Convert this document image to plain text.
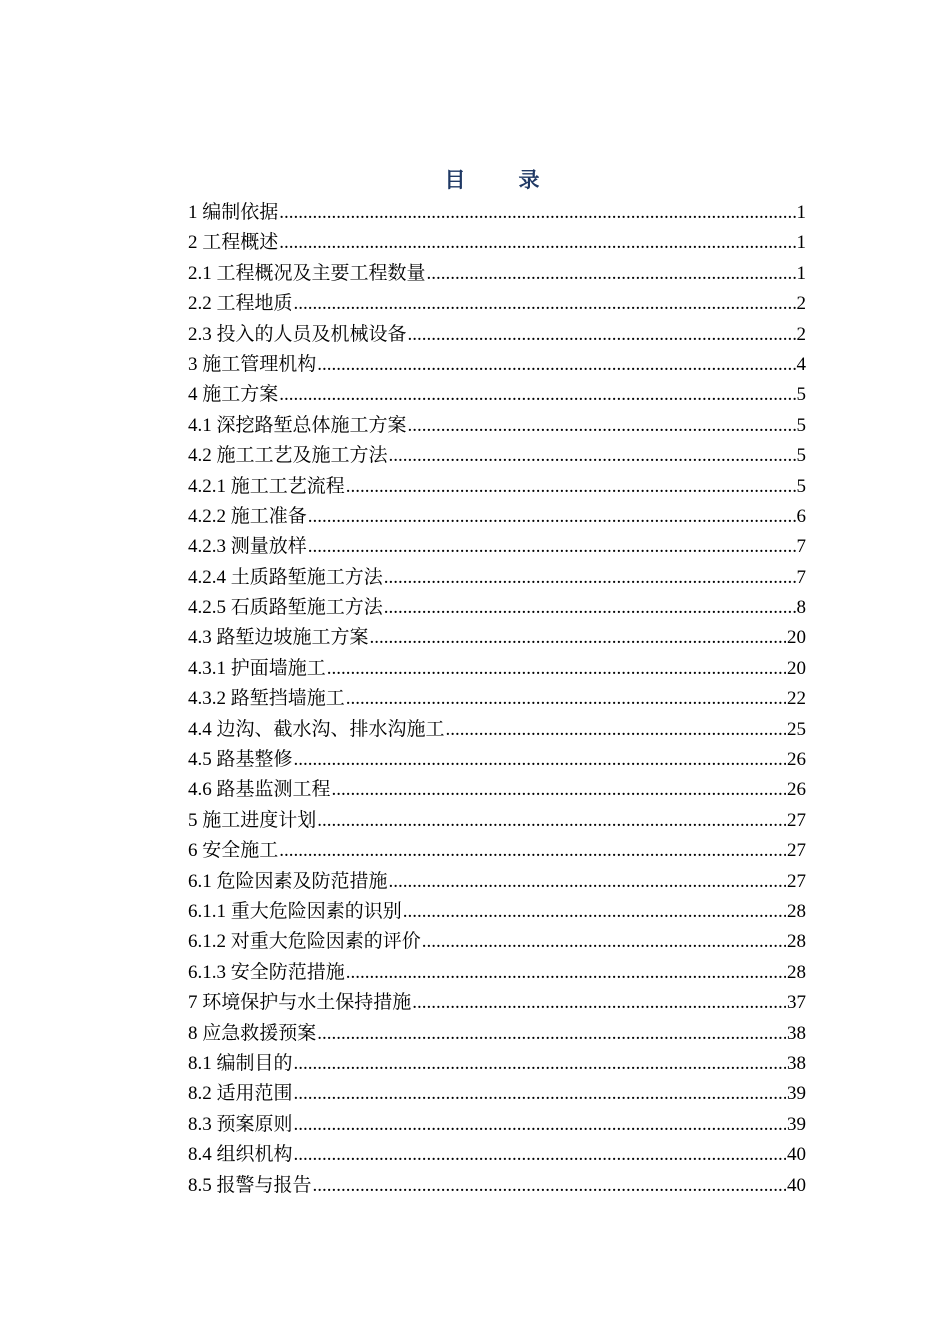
目　录
1 编制依据 .....	1
2 工程概述 .....	1
2.1 工程概况及主要工程数量 .....	1
2.2 工程地质 .....	2
2.3 投入的人员及机械设备 .....	2
3 施工管理机构 .....	4
4 施工方案 .....	5
4.1 深挖路堑总体施工方案 .....	5
4.2 施工工艺及施工方法 .....	5
4.2.1 施工工艺流程 .....	5
4.2.2 施工准备 .....	6
4.2.3 测量放样 .....	7
4.2.4 土质路堑施工方法 .....	7
4.2.5 石质路堑施工方法 .....	8
4.3 路堑边坡施工方案 .....	20
4.3.1 护面墙施工 .....	20
4.3.2 路堑挡墙施工 .....	22
4.4 边沟、截水沟、排水沟施工 .....	25
4.5 路基整修 .....	26
4.6 路基监测工程 .....	26
5 施工进度计划 .....	27
6 安全施工 .....	27
6.1 危险因素及防范措施 .....	27
6.1.1 重大危险因素的识别 .....	28
6.1.2 对重大危险因素的评价 .....	28
6.1.3 安全防范措施 .....	28
7 环境保护与水土保持措施 .....	37
8 应急救援预案 .....	38
8.1 编制目的 .....	38
8.2 适用范围 .....	39
8.3 预案原则 .....	39
8.4 组织机构 .....	40
8.5 报警与报告 .....	40
